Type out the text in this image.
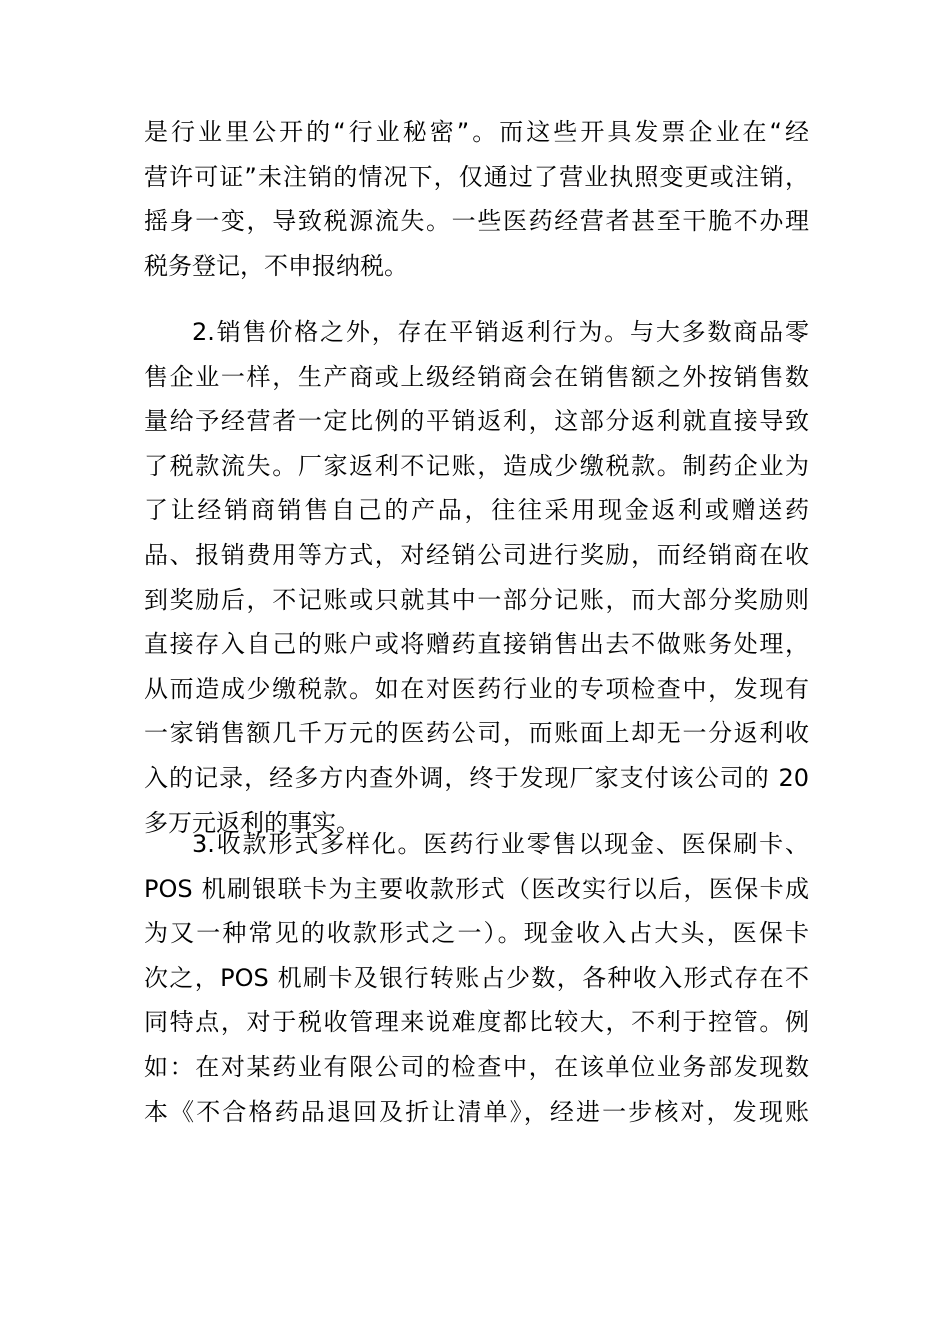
是行业里公开的“行业秘密”。而这些开具发票企业在“经
营许可证”未注销的情况下，仅通过了营业执照变更或注销，
摇身一变，导致税源流失。一些医药经营者甚至干脆不办理
税务登记，不申报纳税。
2.销售价格之外，存在平销返利行为。与大多数商品零
售企业一样，生产商或上级经销商会在销售额之外按销售数
量给予经营者一定比例的平销返利，这部分返利就直接导致
了税款流失。厂家返利不记账，造成少缴税款。制药企业为
了让经销商销售自己的产品，往往采用现金返利或赠送药
品、报销费用等方式，对经销公司进行奖励，而经销商在收
到奖励后，不记账或只就其中一部分记账，而大部分奖励则
直接存入自己的账户或将赠药直接销售出去不做账务处理，
从而造成少缴税款。如在对医药行业的专项检查中，发现有
一家销售额几千万元的医药公司，而账面上却无一分返利收
入的记录，经多方内查外调，终于发现厂家支付该公司的 20
多万元返利的事实。
3.收款形式多样化。医药行业零售以现金、医保刷卡、
POS 机刷银联卡为主要收款形式（医改实行以后，医保卡成
为又一种常见的收款形式之一）。现金收入占大头，医保卡
次之，POS 机刷卡及银行转账占少数，各种收入形式存在不
同特点，对于税收管理来说难度都比较大，不利于控管。例
如：在对某药业有限公司的检查中，在该单位业务部发现数
本《不合格药品退回及折让清单》，经进一步核对，发现账
